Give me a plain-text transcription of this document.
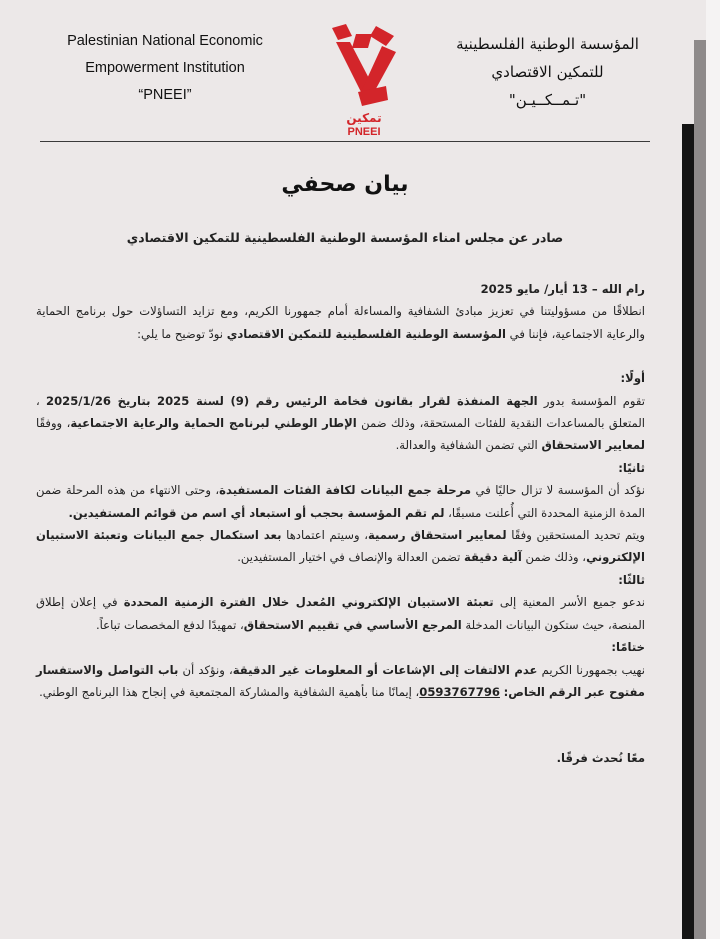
Palestinian National Economic
Empowerment Institution
“PNEEI”
تمكين
PNEEI
المؤسسة الوطنية الفلسطينية
للتمكين الاقتصادي
"تـمــكــيـن"
بيان صحفي
صادر عن مجلس امناء المؤسسة الوطنية الفلسطينية للتمكين الاقتصادي

رام الله – 13 أيار/ مايو 2025

انطلاقًا من مسؤوليتنا في تعزيز مبادئ الشفافية والمساءلة أمام جمهورنا الكريم، ومع تزايد التساؤلات حول برنامج الحماية والرعاية الاجتماعية، فإننا في المؤسسة الوطنية الفلسطينية للتمكين الاقتصادي نودّ توضيح ما يلي:

أولًا:

تقوم المؤسسة بدور الجهة المنفذة لقرار بقانون فخامة الرئيس رقم (9) لسنة 2025 بتاريخ 2025/1/26 ، المتعلق بالمساعدات النقدية للفئات المستحقة، وذلك ضمن الإطار الوطني لبرنامج الحماية والرعاية الاجتماعية، ووفقًا لمعايير الاستحقاق التي تضمن الشفافية والعدالة.

ثانيًا:

نؤكد أن المؤسسة لا تزال حاليًا في مرحلة جمع البيانات لكافة الفئات المستفيدة، وحتى الانتهاء من هذه المرحلة ضمن المدة الزمنية المحددة التي أُعلنت مسبقًا، لم تقم المؤسسة بحجب أو استبعاد أي اسم من قوائم المستفيدين.

ويتم تحديد المستحقين وفقًا لمعايير استحقاق رسمية، وسيتم اعتمادها بعد استكمال جمع البيانات وتعبئة الاستبيان الإلكتروني، وذلك ضمن آلية دقيقة تضمن العدالة والإنصاف في اختيار المستفيدين.

ثالثًا:

ندعو جميع الأسر المعنية إلى تعبئة الاستبيان الإلكتروني المُعدل خلال الفترة الزمنية المحددة في إعلان إطلاق المنصة، حيث ستكون البيانات المدخلة المرجع الأساسي في تقييم الاستحقاق، تمهيدًا لدفع المخصصات تباعاً.

ختامًا:

نهيب بجمهورنا الكريم عدم الالتفات إلى الإشاعات أو المعلومات غير الدقيقة، ونؤكد أن باب التواصل والاستفسار مفتوح عبر الرقم الخاص: 0593767796، إيمانًا منا بأهمية الشفافية والمشاركة المجتمعية في إنجاح هذا البرنامج الوطني.

معًا نُحدث فرقًا.
